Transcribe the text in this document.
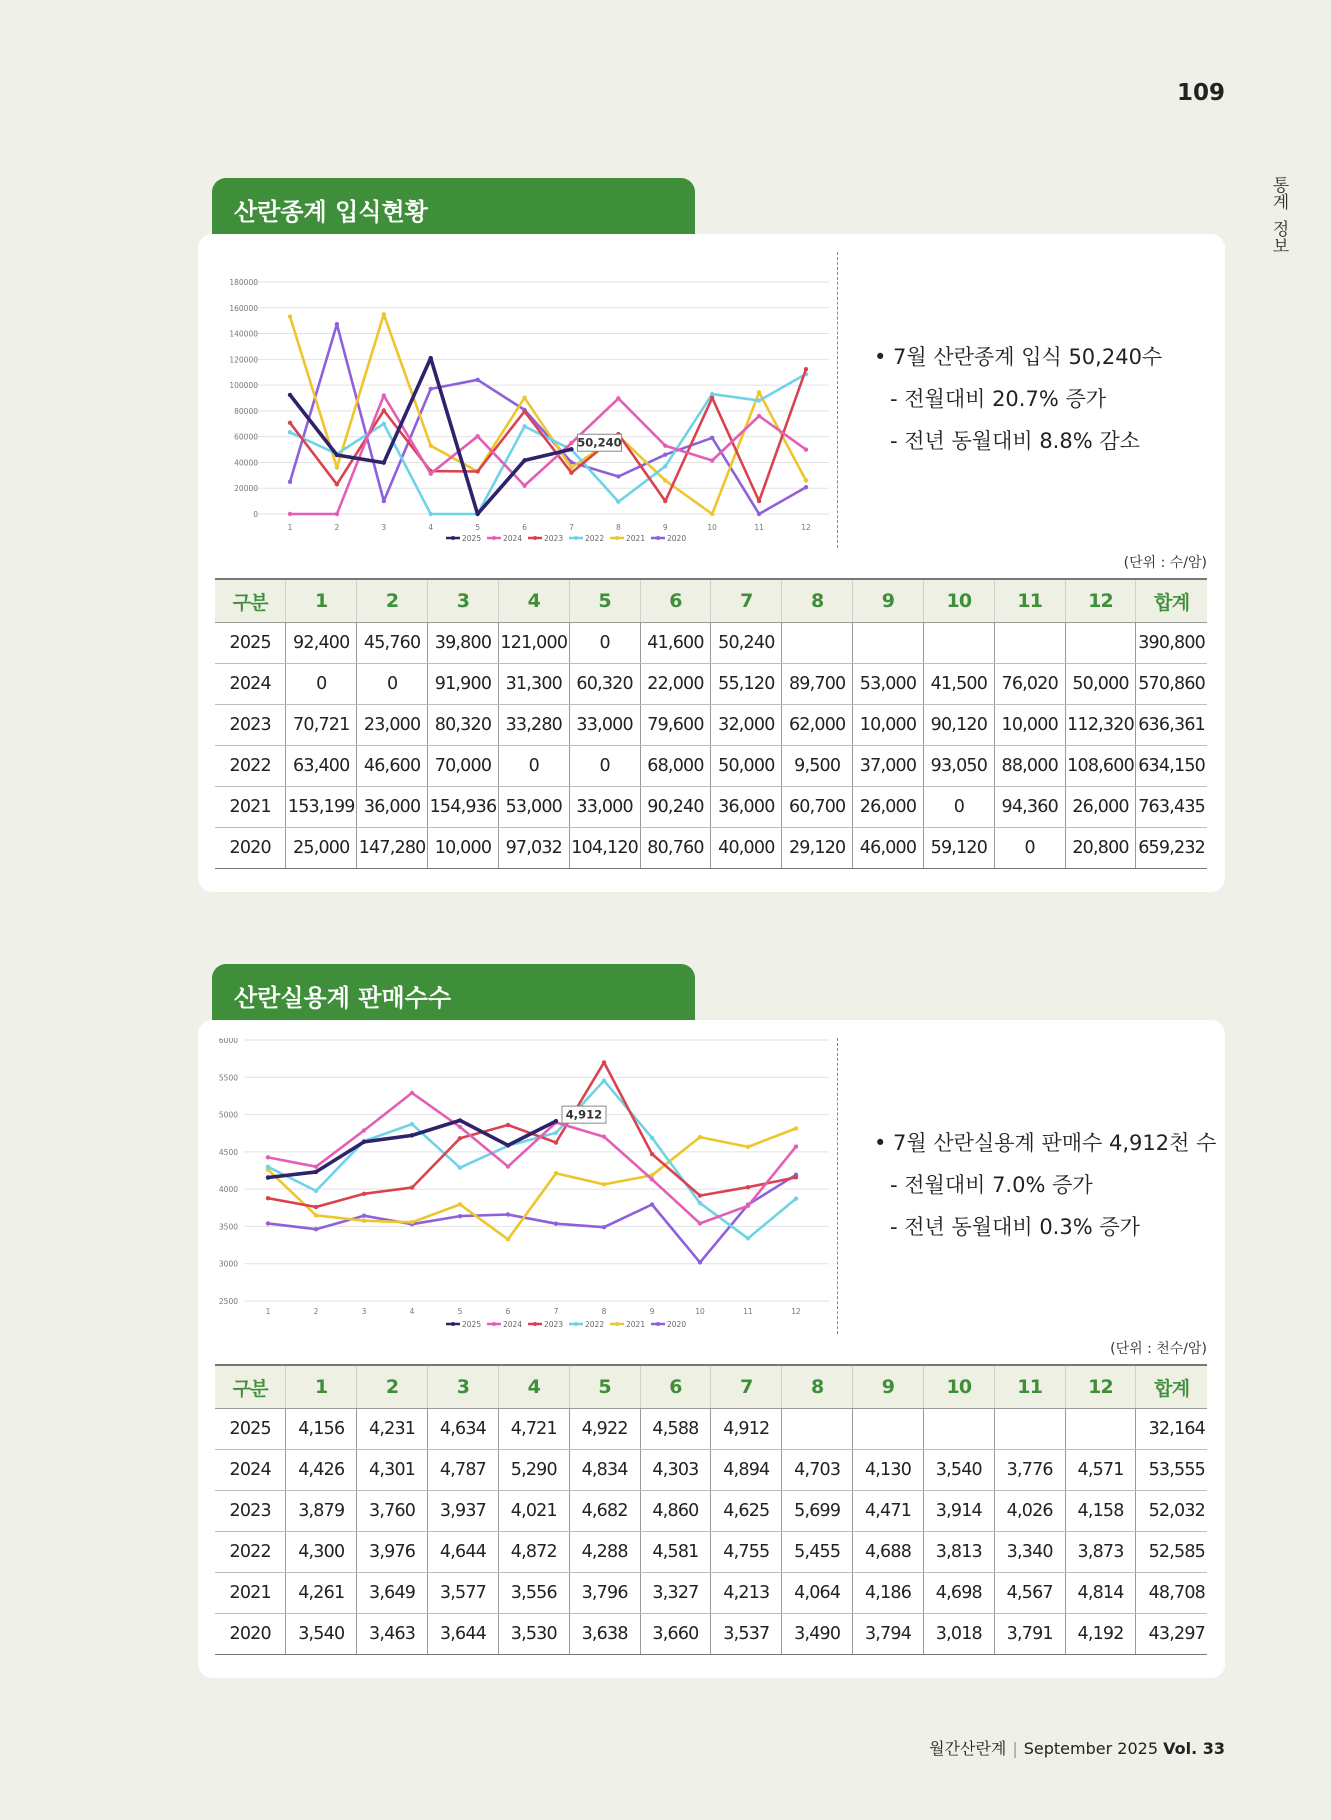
109
통
계
정
보
산란종계 입식현황
0
20000
40000
60000
80000
100000
120000
140000
160000
180000
1	2	3	4	5	6	7	8	9	10	11	12
50,240
2025	2024	2023	2022	2021	2020
• 7월 산란종계 입식 50,240수
- 전월대비 20.7% 증가
- 전년 동월대비 8.8% 감소
(단위 : 수/암)
구분	1	2	3	4	5	6	7	8	9	10	11	12	합계
2025	92,400	45,760	39,800	121,000	0	41,600	50,240						390,800
2024	0	0	91,900	31,300	60,320	22,000	55,120	89,700	53,000	41,500	76,020	50,000	570,860
2023	70,721	23,000	80,320	33,280	33,000	79,600	32,000	62,000	10,000	90,120	10,000	112,320	636,361
2022	63,400	46,600	70,000	0	0	68,000	50,000	9,500	37,000	93,050	88,000	108,600	634,150
2021	153,199	36,000	154,936	53,000	33,000	90,240	36,000	60,700	26,000	0	94,360	26,000	763,435
2020	25,000	147,280	10,000	97,032	104,120	80,760	40,000	29,120	46,000	59,120	0	20,800	659,232
산란실용계 판매수수
2500
3000
3500
4000
4500
5000
5500
6000
1	2	3	4	5	6	7	8	9	10	11	12
4,912
2025	2024	2023	2022	2021	2020
• 7월 산란실용계 판매수 4,912천 수
- 전월대비 7.0% 증가
- 전년 동월대비 0.3% 증가
(단위 : 천수/암)
구분	1	2	3	4	5	6	7	8	9	10	11	12	합계
2025	4,156	4,231	4,634	4,721	4,922	4,588	4,912						32,164
2024	4,426	4,301	4,787	5,290	4,834	4,303	4,894	4,703	4,130	3,540	3,776	4,571	53,555
2023	3,879	3,760	3,937	4,021	4,682	4,860	4,625	5,699	4,471	3,914	4,026	4,158	52,032
2022	4,300	3,976	4,644	4,872	4,288	4,581	4,755	5,455	4,688	3,813	3,340	3,873	52,585
2021	4,261	3,649	3,577	3,556	3,796	3,327	4,213	4,064	4,186	4,698	4,567	4,814	48,708
2020	3,540	3,463	3,644	3,530	3,638	3,660	3,537	3,490	3,794	3,018	3,791	4,192	43,297
월간산란계 | September 2025 Vol. 33
